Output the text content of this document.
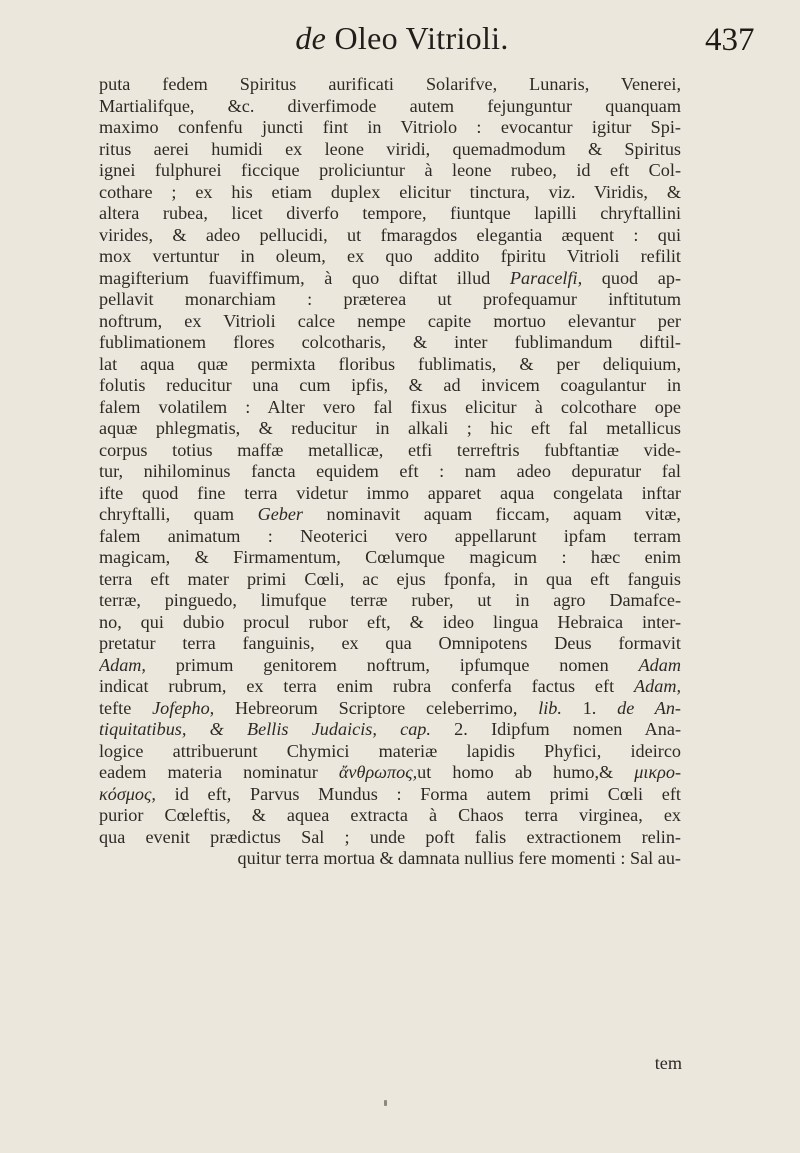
de Oleo Vitrioli.	437
puta fedem Spiritus aurificati Solarifve, Lunaris, Venerei,
Martialifque, &c. diverfimode autem fejunguntur quanquam
maximo confenfu juncti fint in Vitriolo : evocantur igitur Spi-
ritus aerei humidi ex leone viridi, quemadmodum & Spiritus
ignei fulphurei ficcique proliciuntur à leone rubeo, id eft Col-
cothare ; ex his etiam duplex elicitur tinctura, viz. Viridis, &
altera rubea, licet diverfo tempore, fiuntque lapilli chryftallini
virides, & adeo pellucidi, ut fmaragdos elegantia æquent : qui
mox vertuntur in oleum, ex quo addito fpiritu Vitrioli refilit
magifterium fuaviffimum, à quo diftat illud Paracelfi, quod ap-
pellavit monarchiam : præterea ut profequamur inftitutum
noftrum, ex Vitrioli calce nempe capite mortuo elevantur per
fublimationem flores colcotharis, & inter fublimandum diftil-
lat aqua quæ permixta floribus fublimatis, & per deliquium,
folutis reducitur una cum ipfis, & ad invicem coagulantur in
falem volatilem : Alter vero fal fixus elicitur à colcothare ope
aquæ phlegmatis, & reducitur in alkali ; hic eft fal metallicus
corpus totius maffæ metallicæ, etfi terreftris fubftantiæ vide-
tur, nihilominus fancta equidem eft : nam adeo depuratur fal
ifte quod fine terra videtur immo apparet aqua congelata inftar
chryftalli, quam Geber nominavit aquam ficcam, aquam vitæ,
falem animatum : Neoterici vero appellarunt ipfam terram
magicam, & Firmamentum, Cœlumque magicum : hæc enim
terra eft mater primi Cœli, ac ejus fponfa, in qua eft fanguis
terræ, pinguedo, limufque terræ ruber, ut in agro Damafce-
no, qui dubio procul rubor eft, & ideo lingua Hebraica inter-
pretatur terra fanguinis, ex qua Omnipotens Deus formavit
Adam, primum genitorem noftrum, ipfumque nomen Adam
indicat rubrum, ex terra enim rubra conferfa factus eft Adam,
tefte Jofepho, Hebreorum Scriptore celeberrimo, lib. 1. de An-
tiquitatibus, & Bellis Judaicis, cap. 2. Idipfum nomen Ana-
logice attribuerunt Chymici materiæ lapidis Phyfici, ideirco
eadem materia nominatur ἄνθρωπος,ut homo ab humo,& μικρο-
κόσμος, id eft, Parvus Mundus : Forma autem primi Cœli eft
purior Cœleftis, & aquea extracta à Chaos terra virginea, ex
qua evenit prædictus Sal ; unde poft falis extractionem relin-
quitur terra mortua & damnata nullius fere momenti : Sal au-
tem
